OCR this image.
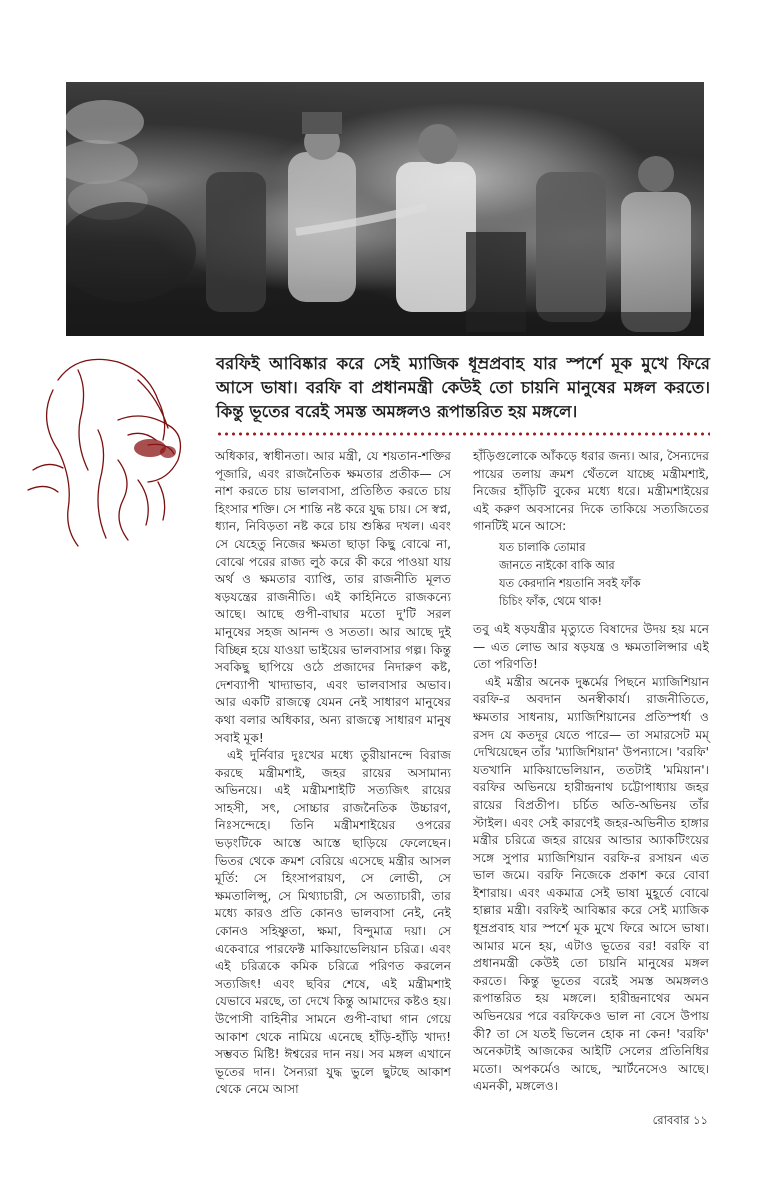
বরফিই আবিষ্কার করে সেই ম্যাজিক ধূম্রপ্রবাহ যার স্পর্শে মূক মুখে ফিরে আসে ভাষা। বরফি বা প্রধানমন্ত্রী কেউই তো চায়নি মানুষের মঙ্গল করতে। কিন্তু ভূতের বরেই সমস্ত অমঙ্গলও রূপান্তরিত হয় মঙ্গলে।

অধিকার, স্বাধীনতা। আর মন্ত্রী, যে শয়তান-শক্তির পূজারি, এবং রাজনৈতিক ক্ষমতার প্রতীক— সে নাশ করতে চায় ভালবাসা, প্রতিষ্ঠিত করতে চায় হিংসার শক্তি। সে শান্তি নষ্ট করে যুদ্ধ চায়। সে স্বপ্ন, ধ্যান, নিবিড়তা নষ্ট করে চায় শুষ্কির দখল। এবং সে যেহেতু নিজের ক্ষমতা ছাড়া কিছু বোঝে না, বোঝে পরের রাজ্য লুঠ করে কী করে পাওয়া যায় অর্থ ও ক্ষমতার ব্যাপ্তি, তার রাজনীতি মূলত ষড়যন্ত্রের রাজনীতি। এই কাহিনিতে রাজকন্যে আছে। আছে গুপী-বাঘার মতো দু'টি সরল মানুষের সহজ আনন্দ ও সততা। আর আছে দুই বিচ্ছিন্ন হয়ে যাওয়া ভাইয়ের ভালবাসার গল্প। কিন্তু সবকিছু ছাপিয়ে ওঠে প্রজাদের নিদারুণ কষ্ট, দেশব্যাপী খাদ্যাভাব, এবং ভালবাসার অভাব। আর একটি রাজত্বে যেমন নেই সাধারণ মানুষের কথা বলার অধিকার, অন্য রাজত্বে সাধারণ মানুষ সবাই মূক!

এই দুর্নিবার দুঃখের মধ্যে তুরীয়ানন্দে বিরাজ করছে মন্ত্রীমশাই, জহর রায়ের অসামান্য অভিনয়ে। এই মন্ত্রীমশাইটি সত্যজিৎ রায়ের সাহসী, সৎ, সোচ্চার রাজনৈতিক উচ্চারণ, নিঃসন্দেহে। তিনি মন্ত্রীমশাইয়ের ওপরের ভড়ংটিকে আস্তে আস্তে ছাড়িয়ে ফেলেছেন। ভিতর থেকে ক্রমশ বেরিয়ে এসেছে মন্ত্রীর আসল মূর্তি: সে হিংসাপরায়ণ, সে লোভী, সে ক্ষমতালিপ্সু, সে মিথ্যাচারী, সে অত্যাচারী, তার মধ্যে কারও প্রতি কোনও ভালবাসা নেই, নেই কোনও সহিষ্ণুতা, ক্ষমা, বিন্দুমাত্র দয়া। সে একেবারে পারফেক্ট মাকিয়াভেলিয়ান চরিত্র। এবং এই চরিত্রকে কমিক চরিত্রে পরিণত করলেন সত্যজিৎ! এবং ছবির শেষে, এই মন্ত্রীমশাই যেভাবে মরছে, তা দেখে কিন্তু আমাদের কষ্টও হয়। উপোসী বাহিনীর সামনে গুপী-বাঘা গান গেয়ে আকাশ থেকে নামিয়ে এনেছে হাঁড়ি-হাঁড়ি খাদ্য! সম্ভবত মিষ্টি! ঈশ্বরের দান নয়। সব মঙ্গল এখানে ভূতের দান। সৈন্যরা যুদ্ধ ভুলে ছুটছে আকাশ থেকে নেমে আসা

হাঁড়িগুলোকে আঁকড়ে ধরার জন্য। আর, সৈন্যদের পায়ের তলায় ক্রমশ থেঁতলে যাচ্ছে মন্ত্রীমশাই, নিজের হাঁড়িটি বুকের মধ্যে ধরে। মন্ত্রীমশাইয়ের এই করুণ অবসানের দিকে তাকিয়ে সত্যজিতের গানটিই মনে আসে:

যত চালাকি তোমার
জানতে নাইকো বাকি আর
যত কেরদানি শয়তানি সবই ফাঁক
চিচিং ফাঁক, থেমে থাক!

তবু এই ষড়যন্ত্রীর মৃত্যুতে বিষাদের উদয় হয় মনে— এত লোভ আর ষড়যন্ত্র ও ক্ষমতালিপ্সার এই তো পরিণতি!

এই মন্ত্রীর অনেক দুষ্কর্মের পিছনে ম্যাজিশিয়ান বরফি-র অবদান অনস্বীকার্য। রাজনীতিতে, ক্ষমতার সাধনায়, ম্যাজিশিয়ানের প্রতিস্পর্ধা ও রসদ যে কতদূর যেতে পারে— তা সমারসেট মম্ দেখিয়েছেন তাঁর 'ম্যাজিশিয়ান' উপন্যাসে। 'বরফি' যতখানি মাকিয়াভেলিয়ান, ততটাই 'মমিয়ান'। বরফির অভিনয়ে হারীন্দ্রনাথ চট্টোপাধ্যায় জহর রায়ের বিপ্রতীপ। চর্চিত অতি-অভিনয় তাঁর স্টাইল। এবং সেই কারণেই জহর-অভিনীত হাঙ্গার মন্ত্রীর চরিত্রে জহর রায়ের আন্ডার অ্যাকটিংয়ের সঙ্গে সুপার ম্যাজিশিয়ান বরফি-র রসায়ন এত ভাল জমে। বরফি নিজেকে প্রকাশ করে বোবা ইশারায়। এবং একমাত্র সেই ভাষা মুহূর্তে বোঝে হাল্লার মন্ত্রী। বরফিই আবিষ্কার করে সেই ম্যাজিক ধূম্রপ্রবাহ যার স্পর্শে মূক মুখে ফিরে আসে ভাষা। আমার মনে হয়, এটাও ভূতের বর! বরফি বা প্রধানমন্ত্রী কেউই তো চায়নি মানুষের মঙ্গল করতে। কিন্তু ভূতের বরেই সমস্ত অমঙ্গলও রূপান্তরিত হয় মঙ্গলে। হারীন্দ্রনাথের অমন অভিনয়ের পরে বরফিকেও ভাল না বেসে উপায় কী? তা সে যতই ভিলেন হোক না কেন! 'বরফি' অনেকটাই আজকের আইটি সেলের প্রতিনিধির মতো। অপকর্মেও আছে, স্মার্টনেসেও আছে। এমনকী, মঙ্গলেও।

রোববার ১১
